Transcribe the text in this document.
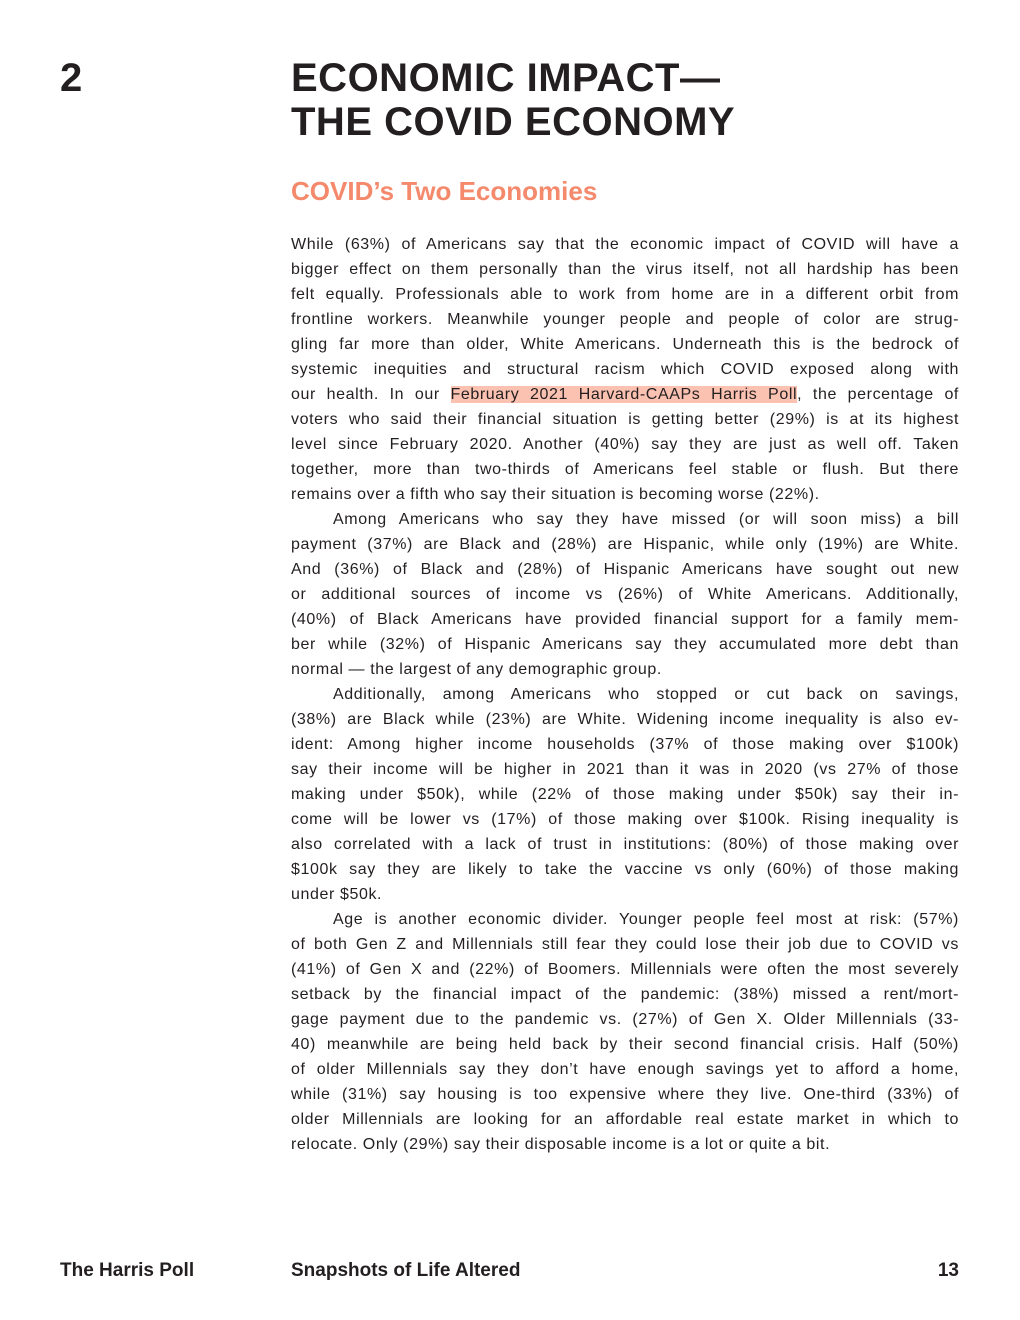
2	ECONOMIC IMPACT—
THE COVID ECONOMY
COVID’s Two Economies
While (63%) of Americans say that the economic impact of COVID will have a
bigger effect on them personally than the virus itself, not all hardship has been
felt equally. Professionals able to work from home are in a different orbit from
frontline workers. Meanwhile younger people and people of color are strug-
gling far more than older, White Americans. Underneath this is the bedrock of
systemic inequities and structural racism which COVID exposed along with
our health. In our February 2021 Harvard-CAAPs Harris Poll, the percentage of
voters who said their financial situation is getting better (29%) is at its highest
level since February 2020. Another (40%) say they are just as well off. Taken
together, more than two-thirds of Americans feel stable or flush. But there
remains over a fifth who say their situation is becoming worse (22%).
Among Americans who say they have missed (or will soon miss) a bill
payment (37%) are Black and (28%) are Hispanic, while only (19%) are White.
And (36%) of Black and (28%) of Hispanic Americans have sought out new
or additional sources of income vs (26%) of White Americans. Additionally,
(40%) of Black Americans have provided financial support for a family mem-
ber while (32%) of Hispanic Americans say they accumulated more debt than
normal — the largest of any demographic group.
Additionally, among Americans who stopped or cut back on savings,
(38%) are Black while (23%) are White. Widening income inequality is also ev-
ident: Among higher income households (37% of those making over $100k)
say their income will be higher in 2021 than it was in 2020 (vs 27% of those
making under $50k), while (22% of those making under $50k) say their in-
come will be lower vs (17%) of those making over $100k. Rising inequality is
also correlated with a lack of trust in institutions: (80%) of those making over
$100k say they are likely to take the vaccine vs only (60%) of those making
under $50k.
Age is another economic divider. Younger people feel most at risk: (57%)
of both Gen Z and Millennials still fear they could lose their job due to COVID vs
(41%) of Gen X and (22%) of Boomers. Millennials were often the most severely
setback by the financial impact of the pandemic: (38%) missed a rent/mort-
gage payment due to the pandemic vs. (27%) of Gen X. Older Millennials (33-
40) meanwhile are being held back by their second financial crisis. Half (50%)
of older Millennials say they don’t have enough savings yet to afford a home,
while (31%) say housing is too expensive where they live. One-third (33%) of
older Millennials are looking for an affordable real estate market in which to
relocate. Only (29%) say their disposable income is a lot or quite a bit.
The Harris Poll	Snapshots of Life Altered	13
